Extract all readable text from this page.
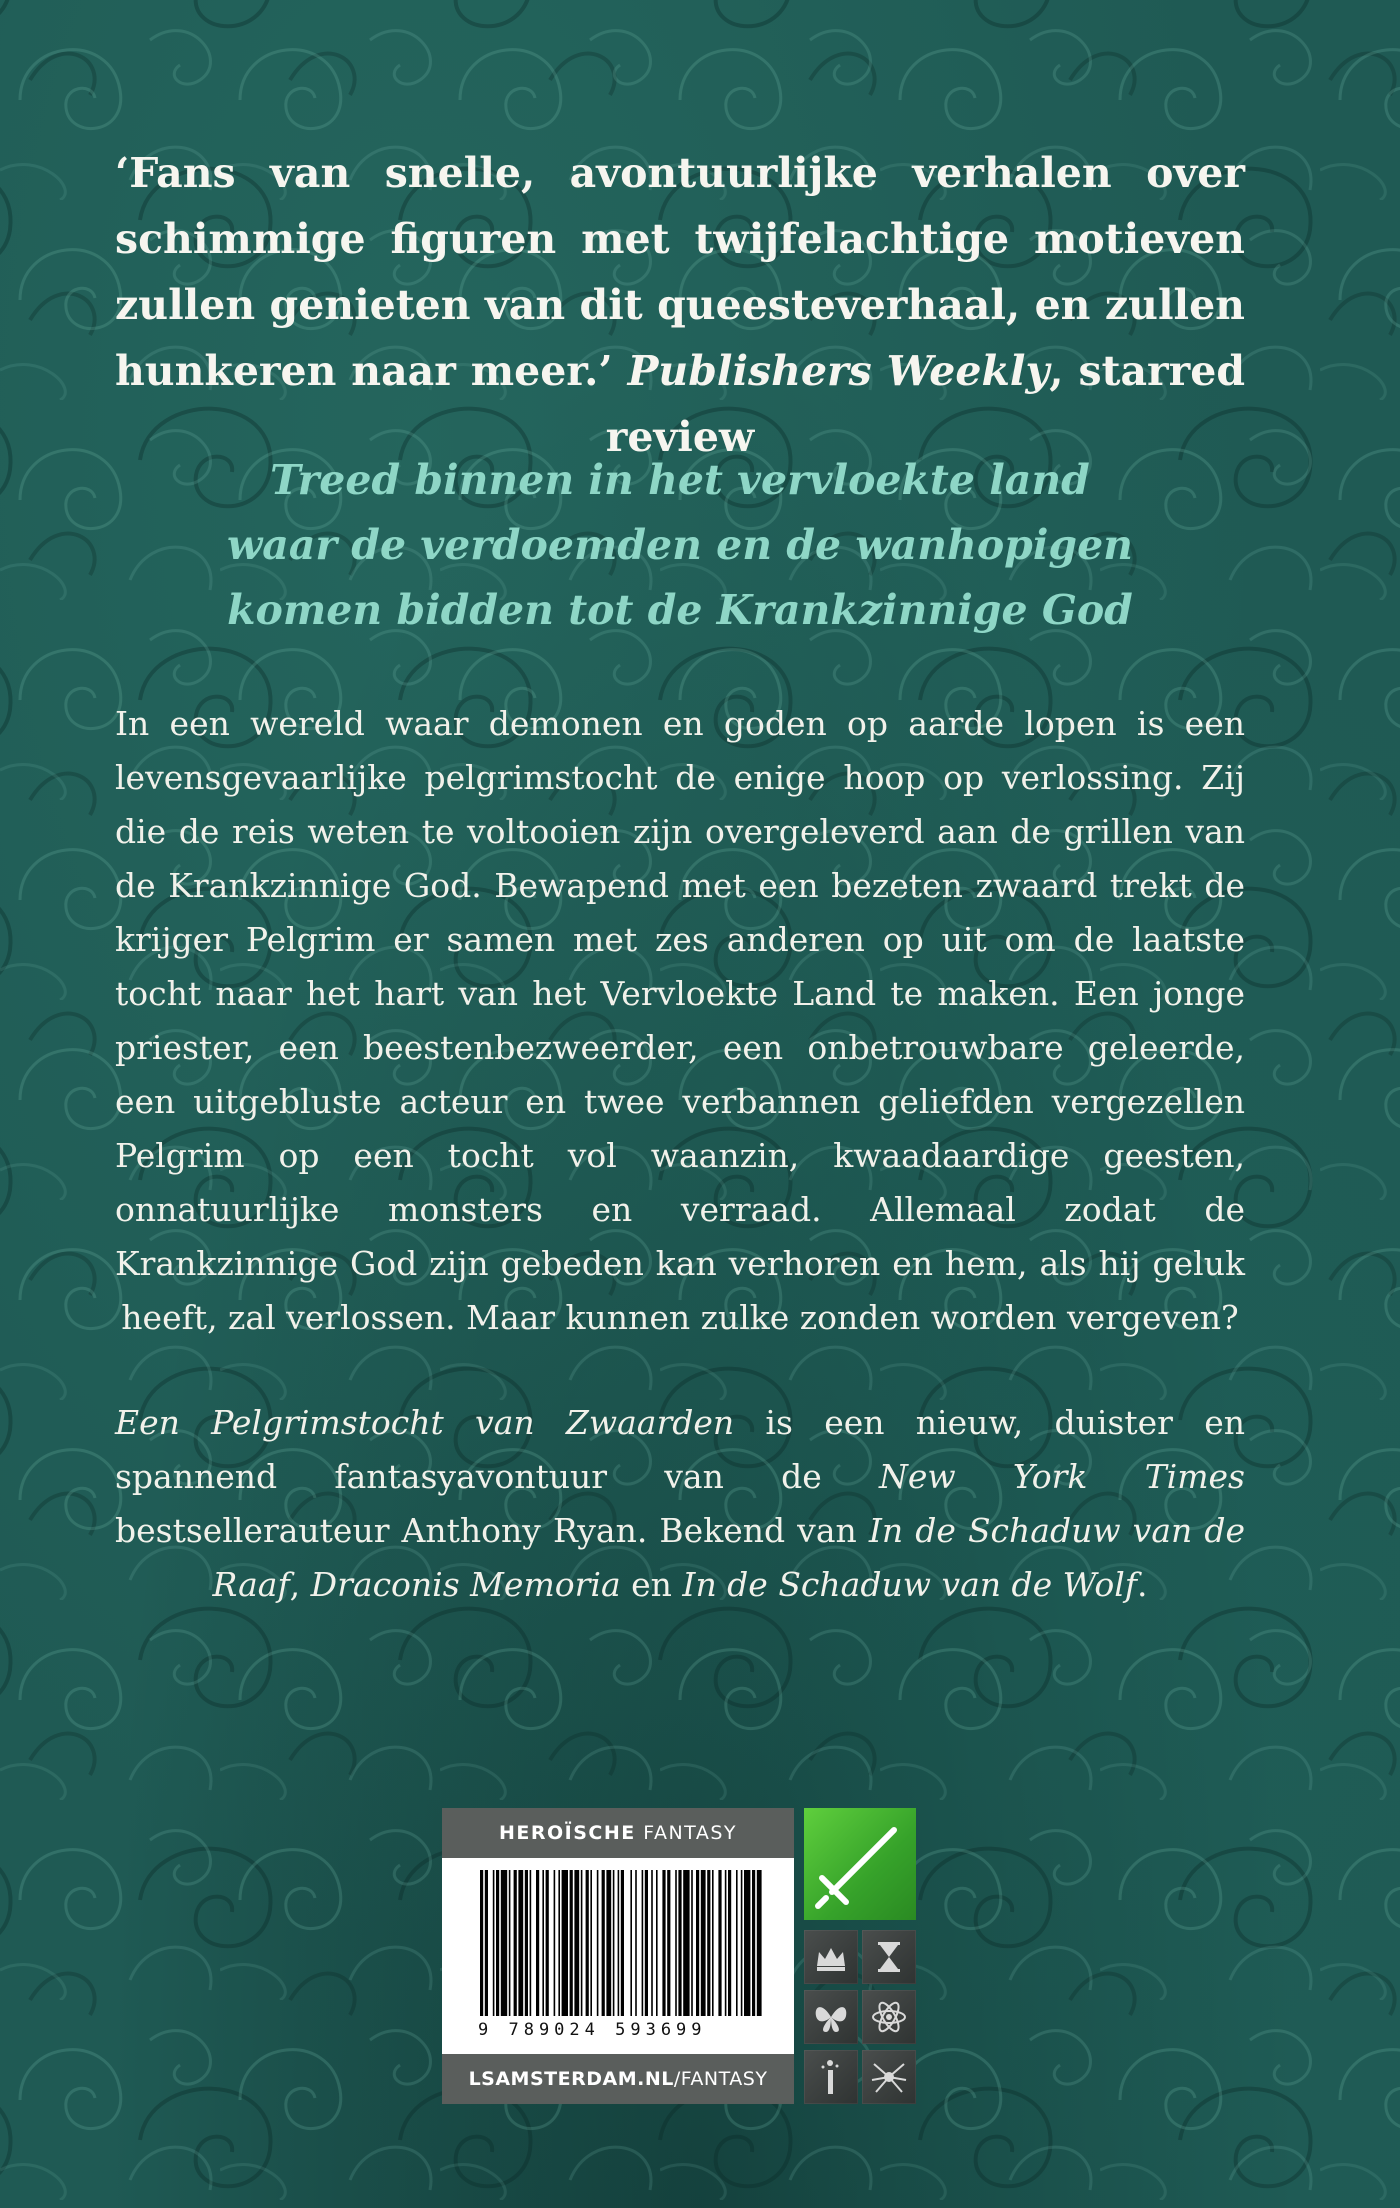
‘Fans van snelle, avontuurlijke verhalen over schimmige figuren met twijfelachtige motieven zullen genieten van dit queesteverhaal, en zullen hunkeren naar meer.’ Publishers Weekly, starred review
Treed binnen in het vervloekte land
waar de verdoemden en de wanhopigen
komen bidden tot de Krankzinnige God
In een wereld waar demonen en goden op aarde lopen is een levensgevaarlijke pelgrimstocht de enige hoop op verlossing. Zij die de reis weten te voltooien zijn overgeleverd aan de grillen van de Krankzinnige God. Bewapend met een bezeten zwaard trekt de krijger Pelgrim er samen met zes anderen op uit om de laatste tocht naar het hart van het Vervloekte Land te maken. Een jonge priester, een beestenbezweerder, een onbetrouwbare geleerde, een uitgebluste acteur en twee verbannen geliefden vergezellen Pelgrim op een tocht vol waanzin, kwaadaardige geesten, onnatuurlijke monsters en verraad. Allemaal zodat de Krankzinnige God zijn gebeden kan verhoren en hem, als hij geluk heeft, zal verlossen. Maar kunnen zulke zonden worden vergeven?
Een Pelgrimstocht van Zwaarden is een nieuw, duister en spannend fantasyavontuur van de New York Times bestsellerauteur Anthony Ryan. Bekend van In de Schaduw van de Raaf, Draconis Memoria en In de Schaduw van de Wolf.
HEROÏSCHE FANTASY
9 789024 593699
LSAMSTERDAM.NL/FANTASY
